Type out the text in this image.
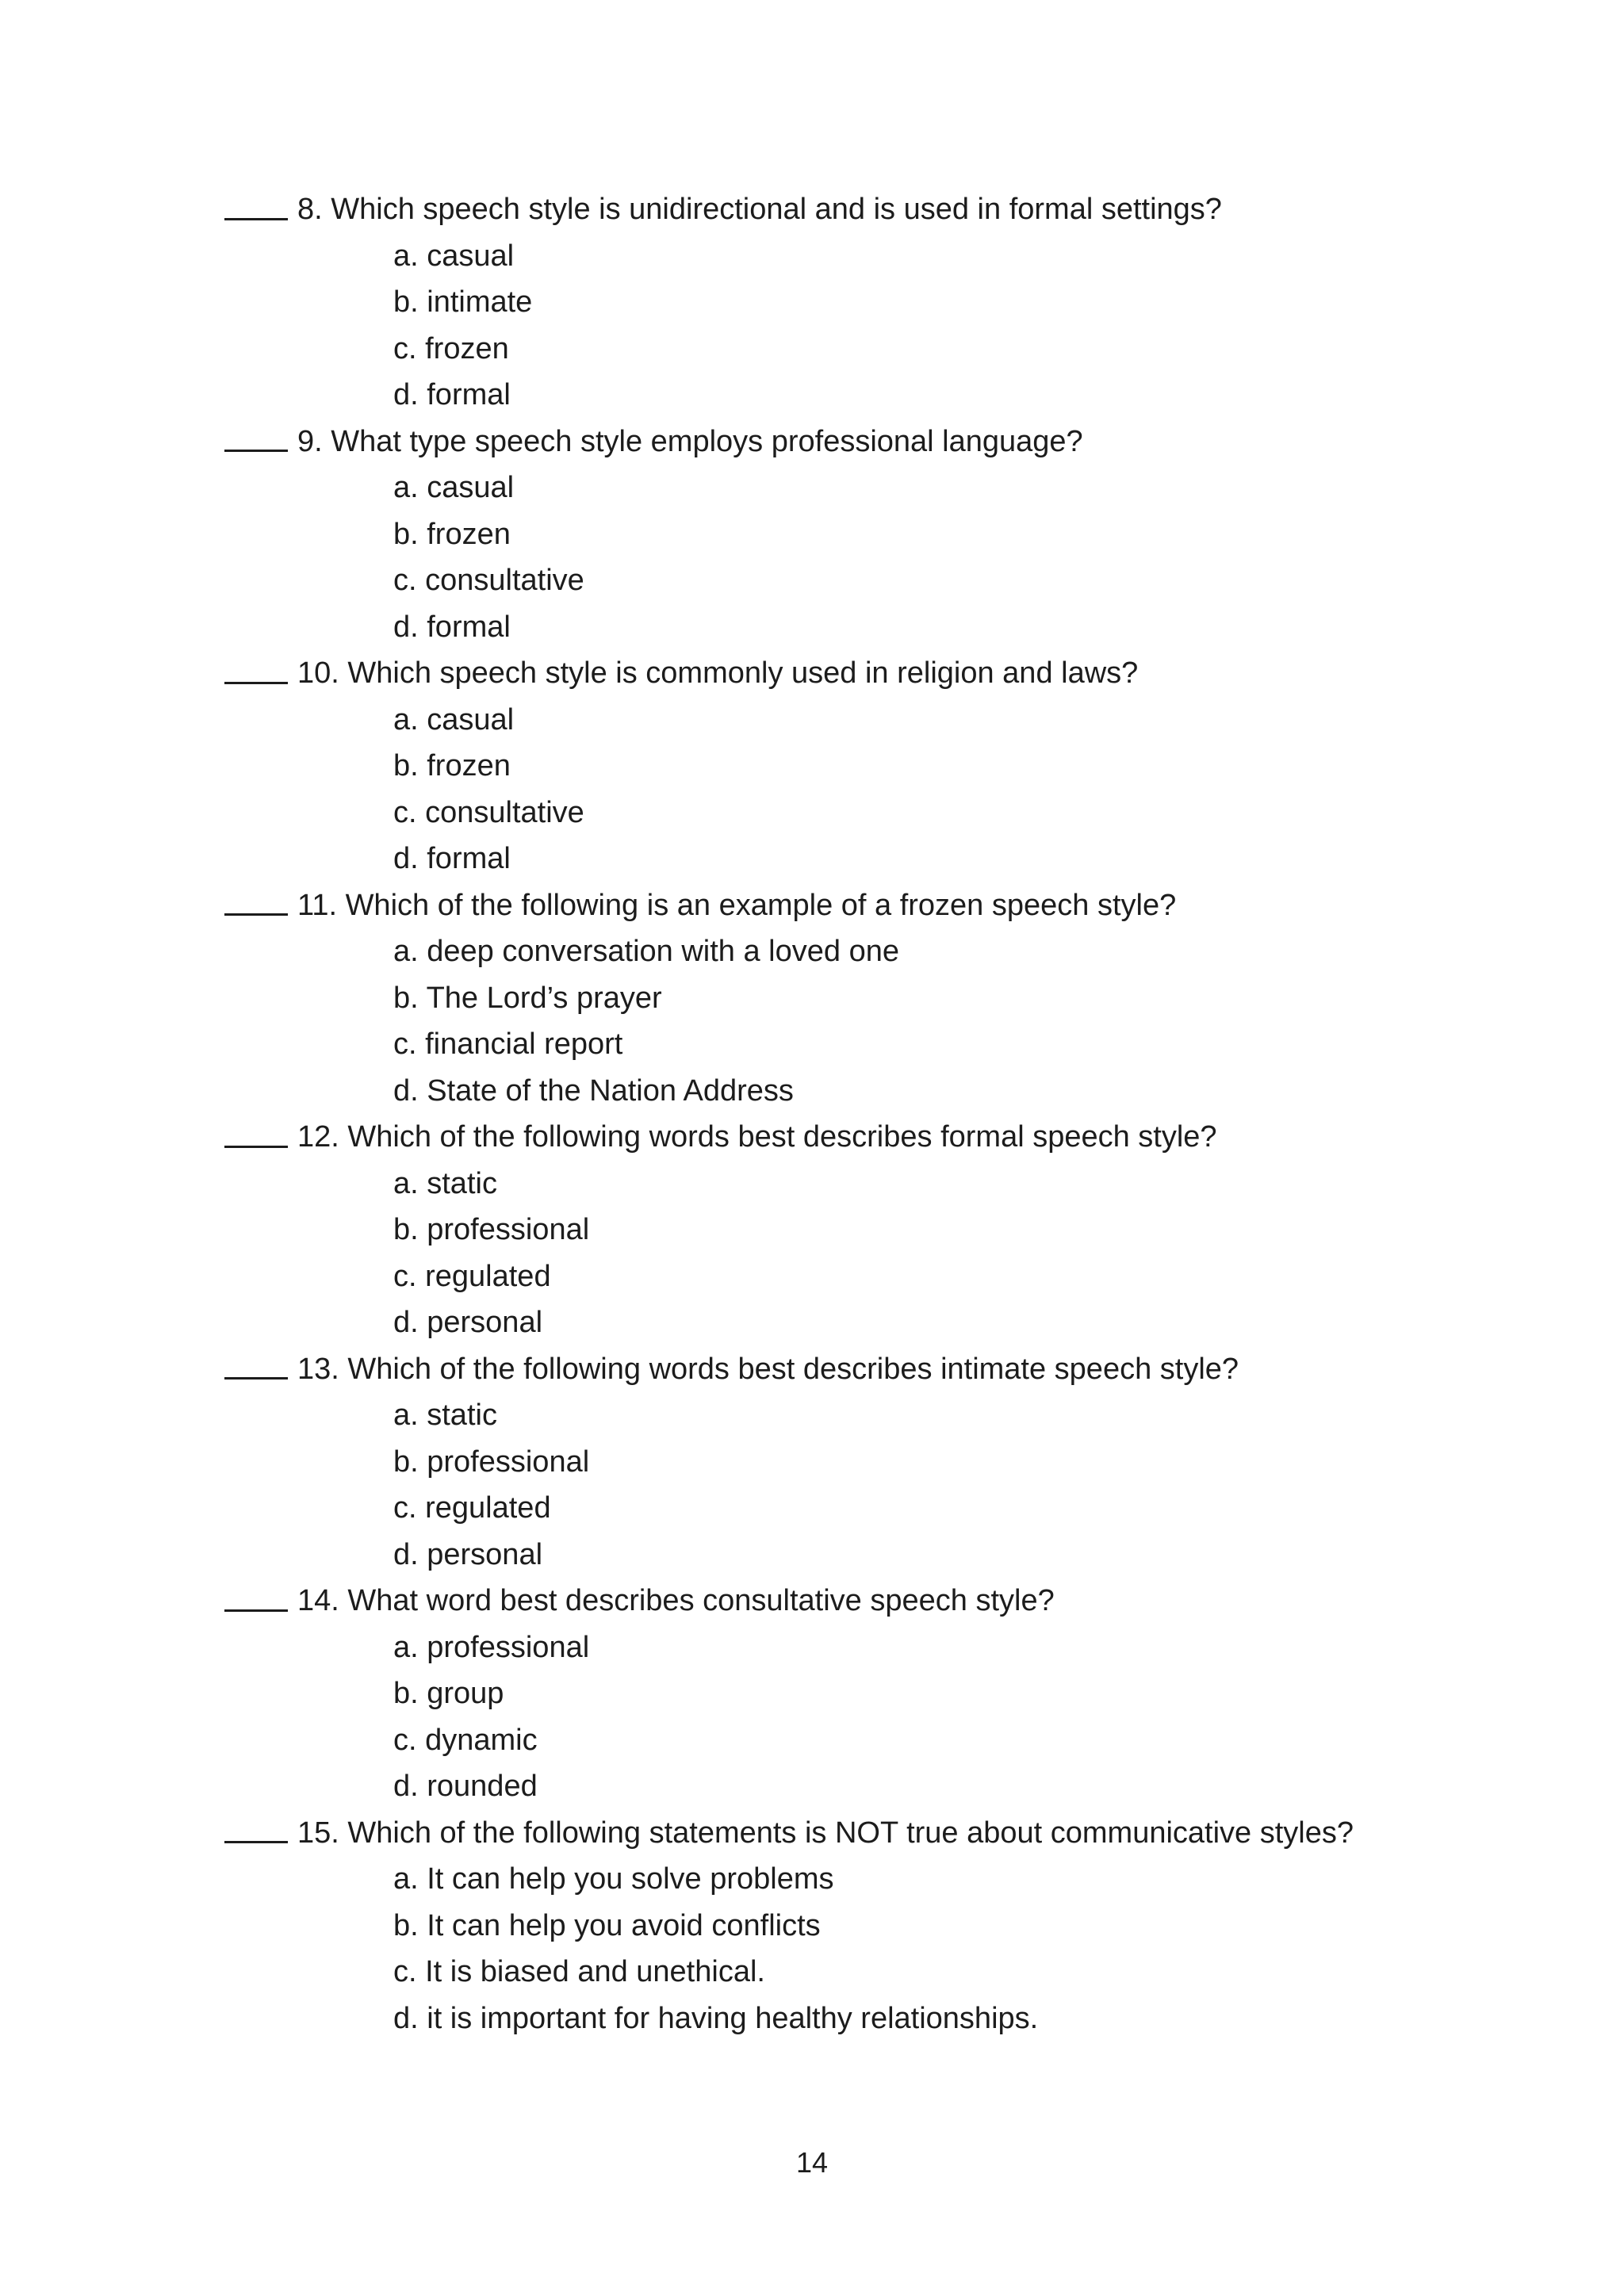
8. Which speech style is unidirectional and is used in formal settings?
a. casual
b. intimate
c. frozen
d. formal
9. What type speech style employs professional language?
a. casual
b. frozen
c. consultative
d. formal
10. Which speech style is commonly used in religion and laws?
a. casual
b. frozen
c. consultative
d. formal
11. Which of the following is an example of a frozen speech style?
a. deep conversation with a loved one
b. The Lord’s prayer
c. financial report
d. State of the Nation Address
12. Which of the following words best describes formal speech style?
a. static
b. professional
c. regulated
d. personal
13. Which of the following words best describes intimate speech style?
a. static
b. professional
c. regulated
d. personal
14. What word best describes consultative speech style?
a. professional
b. group
c. dynamic
d. rounded
15. Which of the following statements is NOT true about communicative styles?
a. It can help you solve problems
b. It can help you avoid conflicts
c. It is biased and unethical.
d. it is important for having healthy relationships.
14
